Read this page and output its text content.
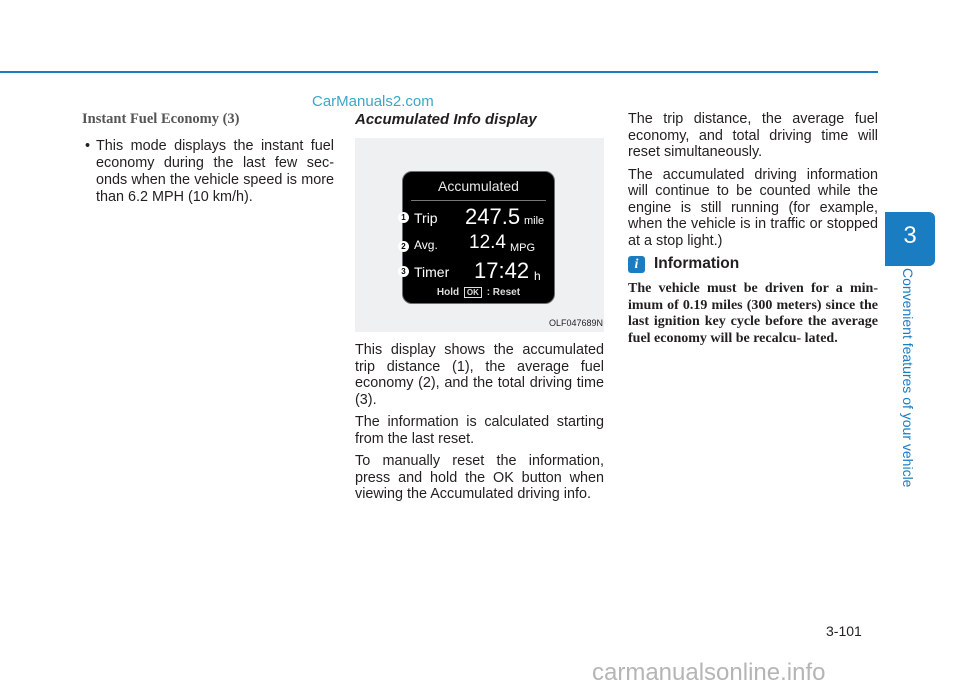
CarManuals2.com

Instant Fuel Economy (3)

• This mode displays the instant fuel economy during the last few sec- onds when the vehicle speed is more than 6.2 MPH (10 km/h).

Accumulated Info display

Accumulated
1 Trip 247.5 mile
2 Avg. 12.4 MPG
3 Timer 17:42 h
Hold OK : Reset
OLF047689N

This display shows the accumulated trip distance (1), the average fuel economy (2), and the total driving time (3).

The information is calculated starting from the last reset.

To manually reset the information, press and hold the OK button when viewing the Accumulated driving info.

The trip distance, the average fuel economy, and total driving time will reset simultaneously.

The accumulated driving information will continue to be counted while the engine is still running (for example, when the vehicle is in traffic or stopped at a stop light.)

i	Information

The vehicle must be driven for a min- imum of 0.19 miles (300 meters) since the last ignition key cycle before the average fuel economy will be recalcu- lated.

3
Convenient features of your vehicle
3-101
carmanualsonline.info
